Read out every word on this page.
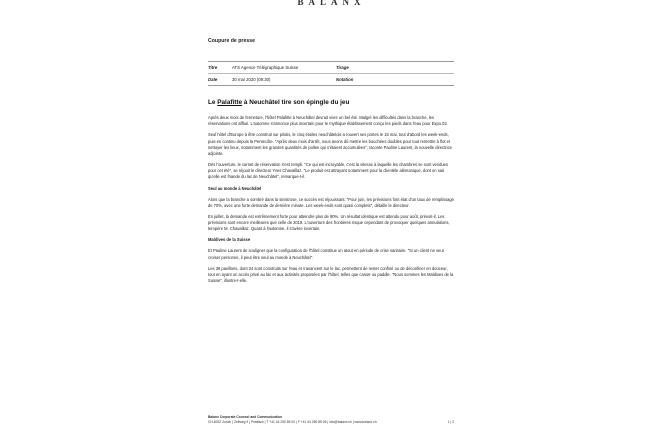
BALANX
Coupure de presse
Titre	ATS Agence Télégraphique Suisse	Tirage
Date	30 mai 2020 (09:30)	Notation
Le Palafitte à Neuchâtel tire son épingle du jeu

Après deux mois de fermeture, l'hôtel Palafitte à Neuchâtel devrait vivre un bel été. Malgré les difficultés dans la branche, les réservations ont afflué. L'automne s'annonce plus incertain pour le mythique établissement conçu les pieds dans l'eau pour Expo.02.

Seul hôtel d'Europe à être construit sur pilotis, le cinq étoiles neuchâtelois a rouvert ses portes le 15 mai, tout d'abord les week-ends, puis en continu depuis la Pentecôte. "Après deux mois d'arrêt, nous avons dû mettre les bouchées doubles pour tout remettre à flot et nettoyer les lieux, notamment les grandes quantités de pollen qui s'étaient accumulées", raconte Pauline Laurent, la nouvelle directrice adjointe.

Dès l'ouverture, le carnet de réservation s'est rempli. "Ce qui est incroyable, c'est la vitesse à laquelle les chambres se sont vendues pour cet été", se réjouit le directeur Yves Chavaillaz. "Le produit est attrayant notamment pour la clientèle alémanique, dont on sait qu'elle est friande du lac de Neuchâtel", remarque-t-il.

Seul au monde à Neuchâtel

Alors que la branche a sombré dans la sinistrose, ce succès est réjouissant. "Pour juin, les prévisions font état d'un taux de remplissage de 70%, avec une forte demande de dernière minute. Les week-ends sont quasi complets", détaille le directeur.

En juillet, la demande est extrêmement forte pour atteindre plus de 90%. Un résultat identique est attendu pour août, prévoit-il. Les prévisions sont encore meilleures que celle de 2019. L'ouverture des frontières risque cependant de provoquer quelques annulations, tempère M. Chavaillaz. Quant à l'automne, il s'avère incertain.

Maldives de la Suisse

Et Pauline Laurent de souligner que la configuration de l'hôtel constitue un atout en période de crise sanitaire. "Si un client ne veut croiser personne, il peut être seul au monde à Neuchâtel".

Les 38 pavillons, dont 24 sont construits sur l'eau et s'avancent sur le lac, permettent de rester confiné ou de déconfiner en douceur, tout en ayant un accès privé au lac et aux activités proposées par l'hôtel, telles que canoë ou paddle. "Nous sommes les Maldives de la Suisse", illustre-t-elle.

Balanx Corporate Counsel and Communication
CH-8032 Zurich | Zeltweg 9 | Postfach | T +41 44 250 85 00 | F +41 44 250 85 06 | info@balanx.ch | www.balanx.ch	1 | 2
